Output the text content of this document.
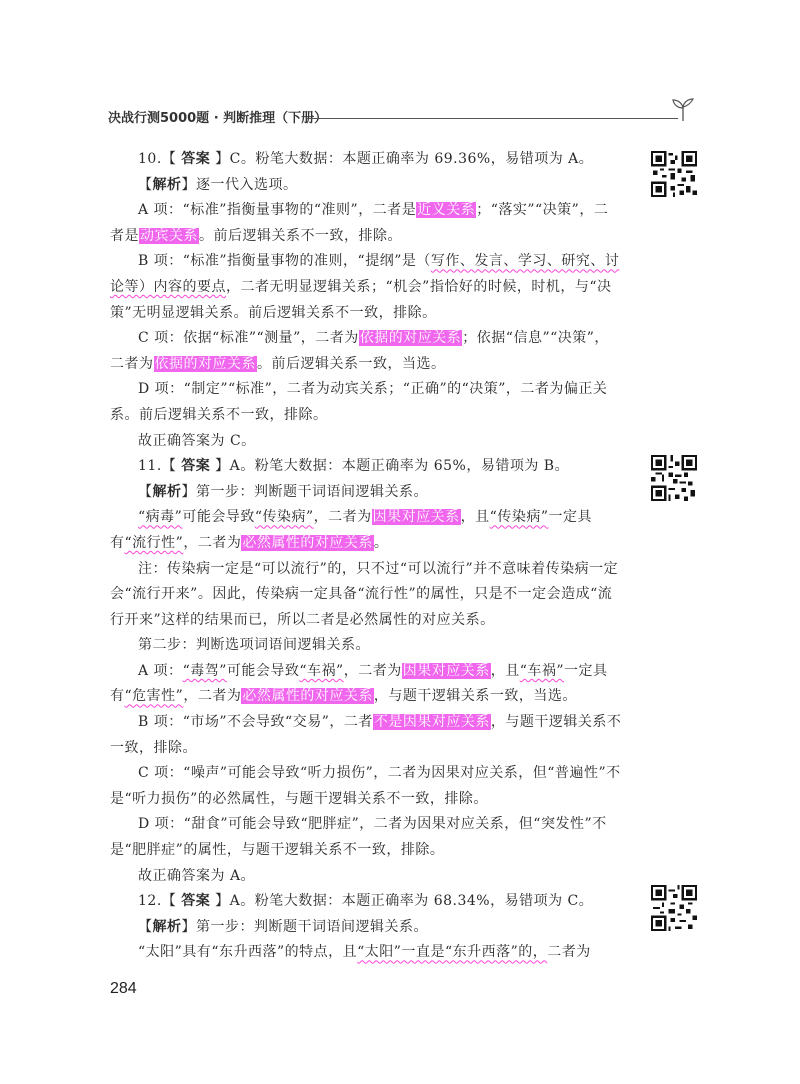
决战行测5000题 · 判断推理（下册）

10.【 答案 】C。粉笔大数据：本题正确率为 69.36%，易错项为 A。

【解析】逐一代入选项。

A 项：“标准”指衡量事物的“准则”，二者是近义关系；“落实”“决策”，二者是动宾关系。前后逻辑关系不一致，排除。

B 项：“标准”指衡量事物的准则，“提纲”是（写作、发言、学习、研究、讨论等）内容的要点，二者无明显逻辑关系；“机会”指恰好的时候，时机，与“决策”无明显逻辑关系。前后逻辑关系不一致，排除。

C 项：依据“标准”“测量”，二者为依据的对应关系；依据“信息”“决策”，二者为依据的对应关系。前后逻辑关系一致，当选。

D 项：“制定”“标准”，二者为动宾关系；“正确”的“决策”，二者为偏正关系。前后逻辑关系不一致，排除。

故正确答案为 C。

11.【 答案 】A。粉笔大数据：本题正确率为 65%，易错项为 B。

【解析】第一步：判断题干词语间逻辑关系。

“病毒”可能会导致“传染病”，二者为因果对应关系，且“传染病”一定具有“流行性”，二者为必然属性的对应关系。

注：传染病一定是“可以流行”的，只不过“可以流行”并不意味着传染病一定会“流行开来”。因此，传染病一定具备“流行性”的属性，只是不一定会造成“流行开来”这样的结果而已，所以二者是必然属性的对应关系。

第二步：判断选项词语间逻辑关系。

A 项：“毒驾”可能会导致“车祸”，二者为因果对应关系，且“车祸”一定具有“危害性”，二者为必然属性的对应关系，与题干逻辑关系一致，当选。

B 项：“市场”不会导致“交易”，二者不是因果对应关系，与题干逻辑关系不一致，排除。

C 项：“噪声”可能会导致“听力损伤”，二者为因果对应关系，但“普遍性”不是“听力损伤”的必然属性，与题干逻辑关系不一致，排除。

D 项：“甜食”可能会导致“肥胖症”，二者为因果对应关系，但“突发性”不是“肥胖症”的属性，与题干逻辑关系不一致，排除。

故正确答案为 A。

12.【 答案 】A。粉笔大数据：本题正确率为 68.34%，易错项为 C。

【解析】第一步：判断题干词语间逻辑关系。

“太阳”具有“东升西落”的特点，且“太阳”一直是“东升西落”的，二者为

284
